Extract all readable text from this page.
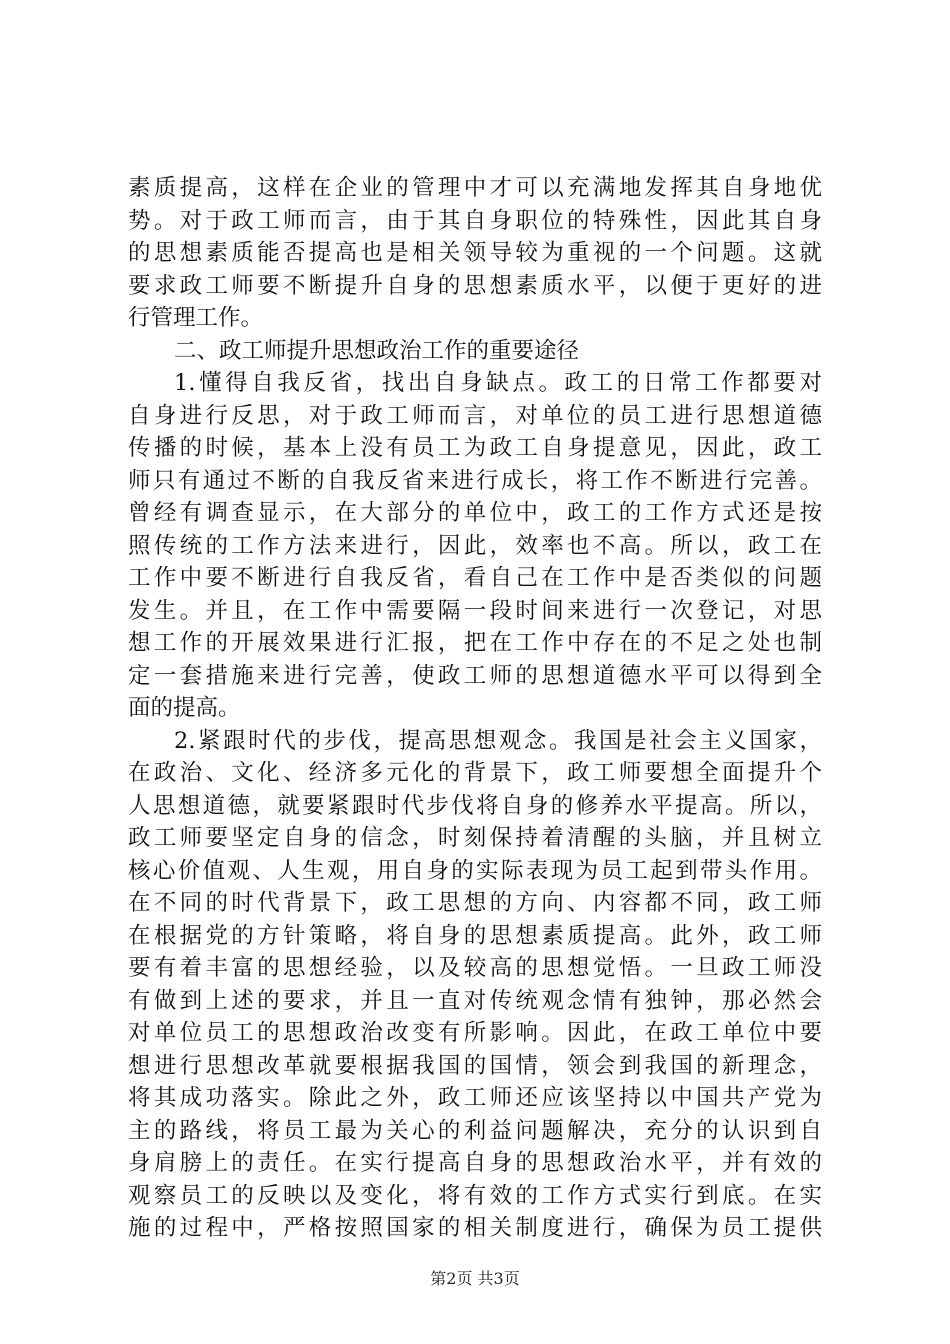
素质提高，这样在企业的管理中才可以充满地发挥其自身地优
势。对于政工师而言，由于其自身职位的特殊性，因此其自身
的思想素质能否提高也是相关领导较为重视的一个问题。这就
要求政工师要不断提升自身的思想素质水平，以便于更好的进
行管理工作。
二、政工师提升思想政治工作的重要途径
1.懂得自我反省，找出自身缺点。政工的日常工作都要对
自身进行反思，对于政工师而言，对单位的员工进行思想道德
传播的时候，基本上没有员工为政工自身提意见，因此，政工
师只有通过不断的自我反省来进行成长，将工作不断进行完善。
曾经有调查显示，在大部分的单位中，政工的工作方式还是按
照传统的工作方法来进行，因此，效率也不高。所以，政工在
工作中要不断进行自我反省，看自己在工作中是否类似的问题
发生。并且，在工作中需要隔一段时间来进行一次登记，对思
想工作的开展效果进行汇报，把在工作中存在的不足之处也制
定一套措施来进行完善，使政工师的思想道德水平可以得到全
面的提高。
2.紧跟时代的步伐，提高思想观念。我国是社会主义国家，
在政治、文化、经济多元化的背景下，政工师要想全面提升个
人思想道德，就要紧跟时代步伐将自身的修养水平提高。所以，
政工师要坚定自身的信念，时刻保持着清醒的头脑，并且树立
核心价值观、人生观，用自身的实际表现为员工起到带头作用。
在不同的时代背景下，政工思想的方向、内容都不同，政工师
在根据党的方针策略，将自身的思想素质提高。此外，政工师
要有着丰富的思想经验，以及较高的思想觉悟。一旦政工师没
有做到上述的要求，并且一直对传统观念情有独钟，那必然会
对单位员工的思想政治改变有所影响。因此，在政工单位中要
想进行思想改革就要根据我国的国情，领会到我国的新理念，
将其成功落实。除此之外，政工师还应该坚持以中国共产党为
主的路线，将员工最为关心的利益问题解决，充分的认识到自
身肩膀上的责任。在实行提高自身的思想政治水平，并有效的
观察员工的反映以及变化，将有效的工作方式实行到底。在实
施的过程中，严格按照国家的相关制度进行，确保为员工提供
第2页 共3页
